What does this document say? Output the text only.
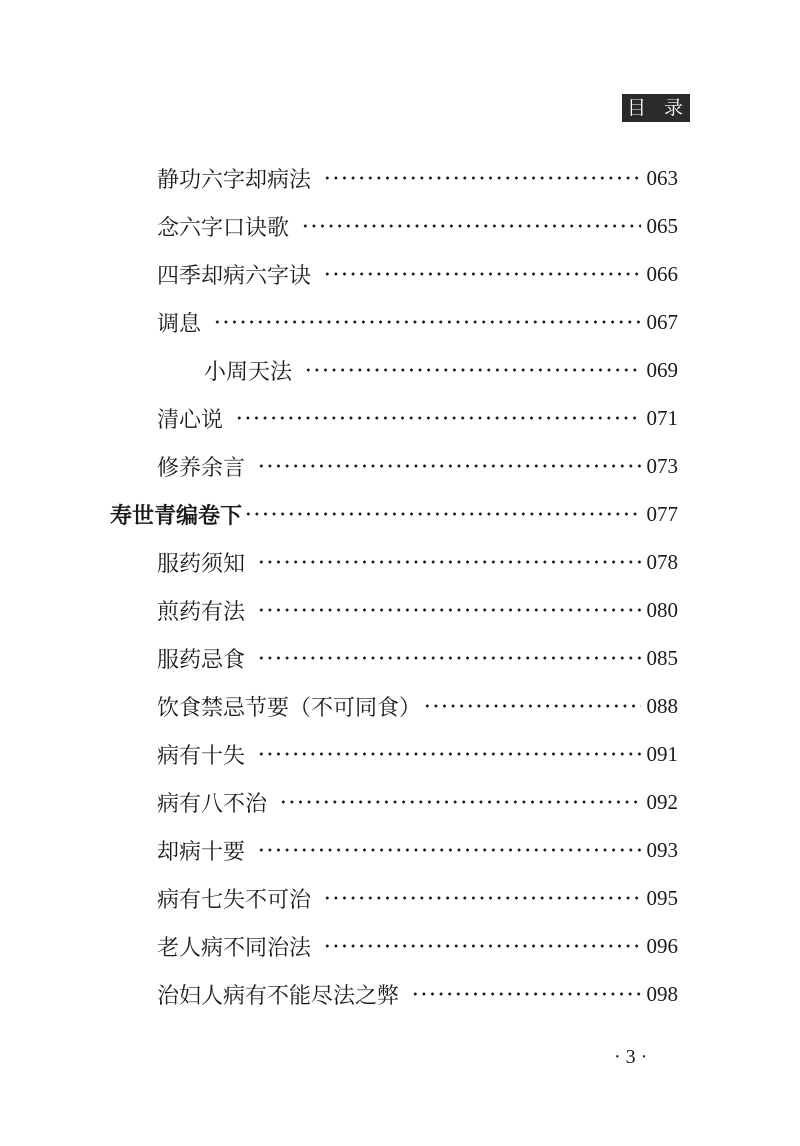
目 录
静功六字却病法	063
念六字口诀歌	065
四季却病六字诀	066
调息	067
小周天法	069
清心说	071
修养余言	073
寿世青编卷下	077
服药须知	078
煎药有法	080
服药忌食	085
饮食禁忌节要（不可同食）	088
病有十失	091
病有八不治	092
却病十要	093
病有七失不可治	095
老人病不同治法	096
治妇人病有不能尽法之弊	098
· 3 ·
